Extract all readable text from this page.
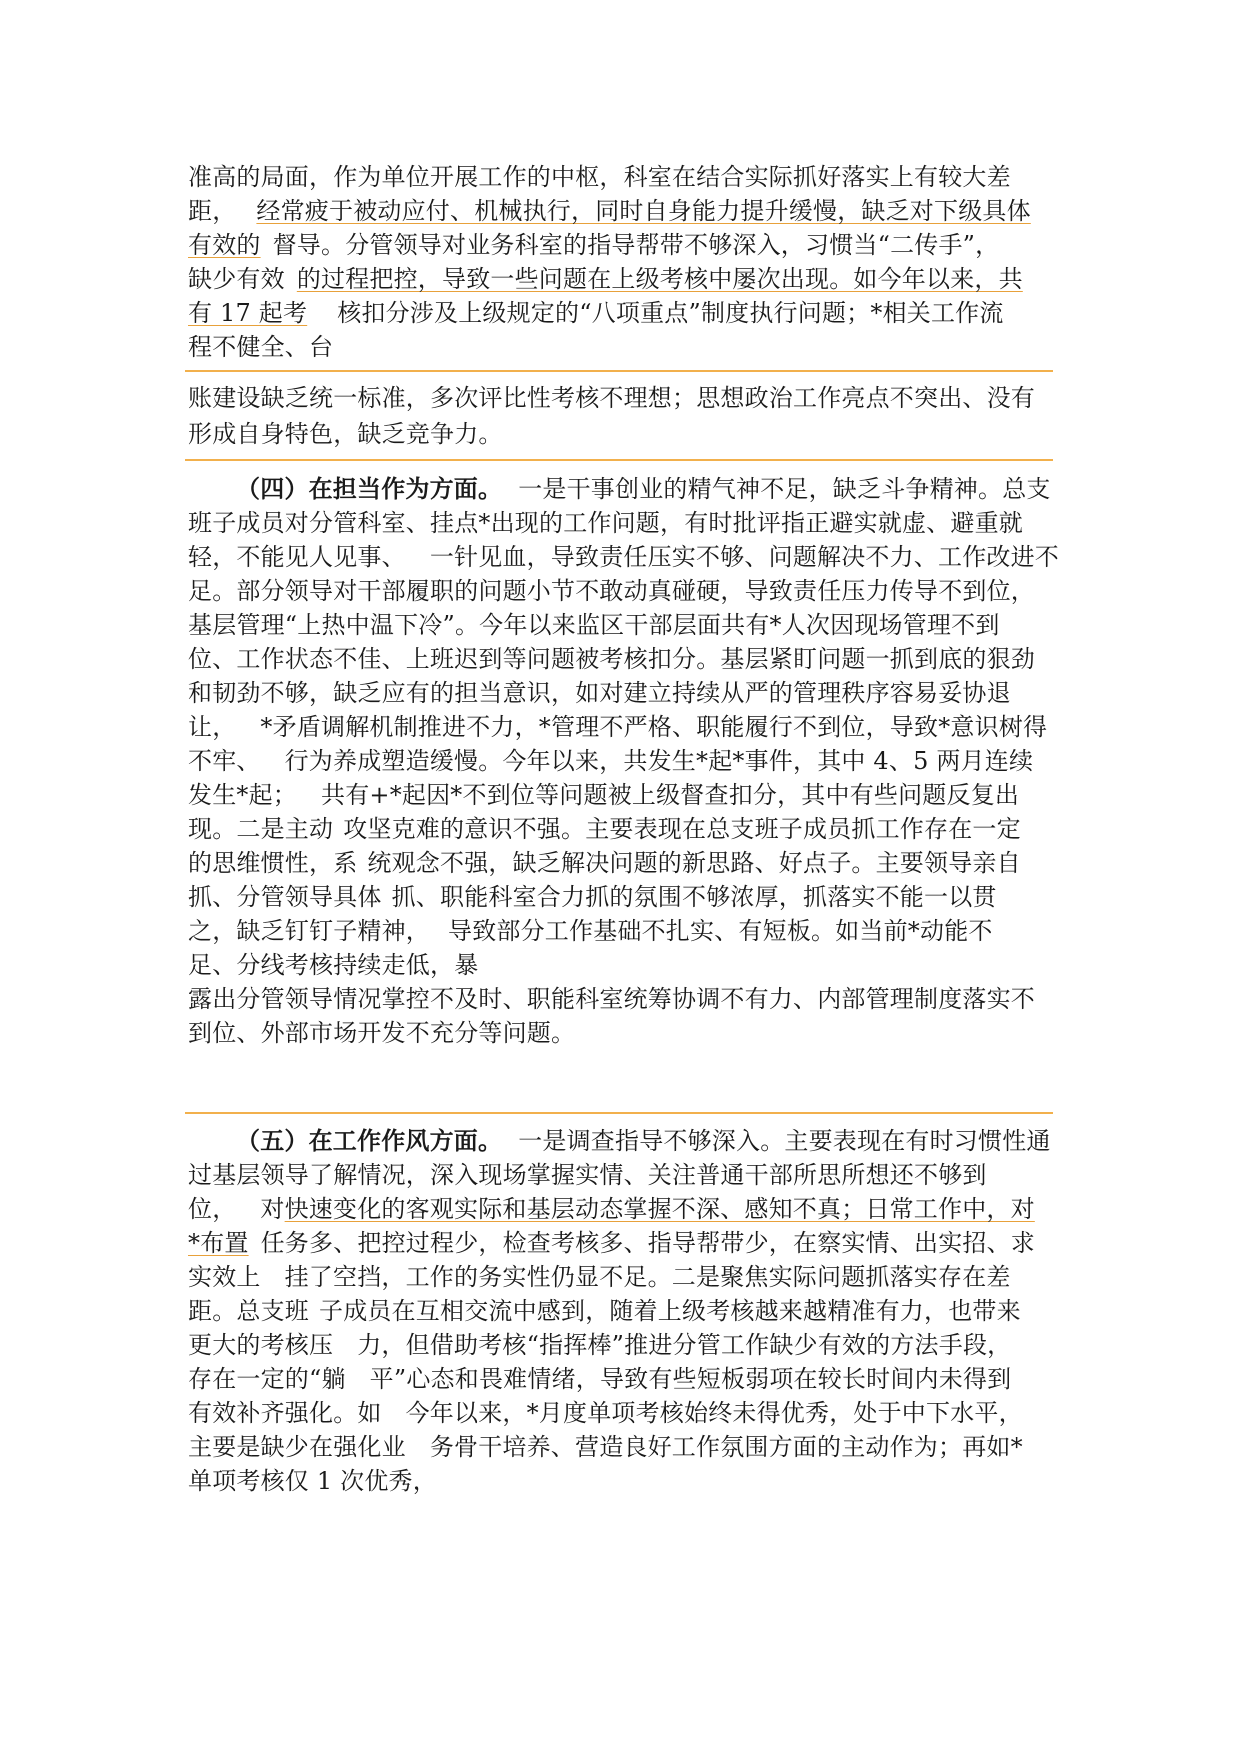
准高的局面，作为单位开展工作的中枢，科室在结合实际抓好落实上有较大差
距， 经常疲于被动应付、机械执行，同时自身能力提升缓慢，缺乏对下级具体
有效的 督导。分管领导对业务科室的指导帮带不够深入，习惯当“二传手”，
缺少有效 的过程把控，导致一些问题在上级考核中屡次出现。如今年以来，共
有 17 起考 核扣分涉及上级规定的“八项重点”制度执行问题；*相关工作流
程不健全、台
账建设缺乏统一标准，多次评比性考核不理想；思想政治工作亮点不突出、没有
形成自身特色，缺乏竞争力。
（四）在担当作为方面。 一是干事创业的精气神不足，缺乏斗争精神。总支
班子成员对分管科室、挂点*出现的工作问题，有时批评指正避实就虚、避重就
轻，不能见人见事、 一针见血，导致责任压实不够、问题解决不力、工作改进不
足。部分领导对干部履职的问题小节不敢动真碰硬，导致责任压力传导不到位，
基层管理“上热中温下冷”。今年以来监区干部层面共有*人次因现场管理不到
位、工作状态不佳、上班迟到等问题被考核扣分。基层紧盯问题一抓到底的狠劲
和韧劲不够，缺乏应有的担当意识，如对建立持续从严的管理秩序容易妥协退
让， *矛盾调解机制推进不力，*管理不严格、职能履行不到位，导致*意识树得
不牢、 行为养成塑造缓慢。今年以来，共发生*起*事件，其中 4、5 两月连续
发生*起； 共有+*起因*不到位等问题被上级督查扣分，其中有些问题反复出
现。二是主动 攻坚克难的意识不强。主要表现在总支班子成员抓工作存在一定
的思维惯性，系 统观念不强，缺乏解决问题的新思路、好点子。主要领导亲自
抓、分管领导具体 抓、职能科室合力抓的氛围不够浓厚，抓落实不能一以贯
之，缺乏钉钉子精神， 导致部分工作基础不扎实、有短板。如当前*动能不
足、分线考核持续走低，暴
露出分管领导情况掌控不及时、职能科室统筹协调不有力、内部管理制度落实不
到位、外部市场开发不充分等问题。
（五）在工作作风方面。 一是调查指导不够深入。主要表现在有时习惯性通
过基层领导了解情况，深入现场掌握实情、关注普通干部所思所想还不够到
位， 对快速变化的客观实际和基层动态掌握不深、感知不真；日常工作中，对
*布置 任务多、把控过程少，检查考核多、指导帮带少，在察实情、出实招、求
实效上 挂了空挡，工作的务实性仍显不足。二是聚焦实际问题抓落实存在差
距。总支班 子成员在互相交流中感到，随着上级考核越来越精准有力，也带来
更大的考核压 力，但借助考核“指挥棒”推进分管工作缺少有效的方法手段，
存在一定的“躺 平”心态和畏难情绪，导致有些短板弱项在较长时间内未得到
有效补齐强化。如 今年以来，*月度单项考核始终未得优秀，处于中下水平，
主要是缺少在强化业 务骨干培养、营造良好工作氛围方面的主动作为；再如*
单项考核仅 1 次优秀，
